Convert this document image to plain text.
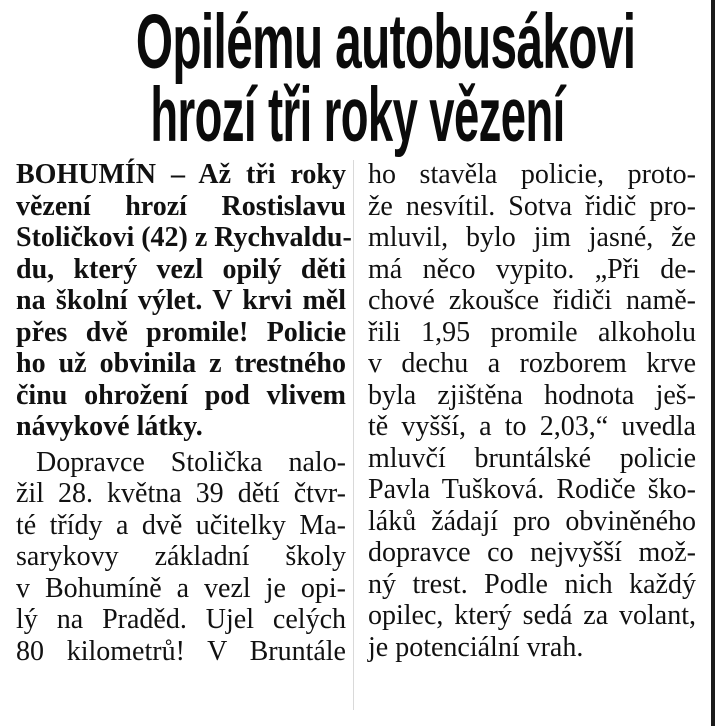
Opilému autobusákovi
hrozí tři roky vězení
BOHUMÍN – Až tři roky
vězení hrozí Rostislavu
Stoličkovi (42) z Rychvaldu-
du, který vezl opilý děti
na školní výlet. V krvi měl
přes dvě promile! Policie
ho už obvinila z trestného
činu ohrožení pod vlivem
návykové látky.
Dopravce Stolička nalo-
žil 28. května 39 dětí čtvr-
té třídy a dvě učitelky Ma-
sarykovy základní školy
v Bohumíně a vezl je opi-
lý na Praděd. Ujel celých
80 kilometrů! V Bruntále
ho stavěla policie, proto-
že nesvítil. Sotva řidič pro-
mluvil, bylo jim jasné, že
má něco vypito. „Při de-
chové zkoušce řidiči namě-
řili 1,95 promile alkoholu
v dechu a rozborem krve
byla zjištěna hodnota ješ-
tě vyšší, a to 2,03,“ uvedla
mluvčí bruntálské policie
Pavla Tušková. Rodiče ško-
láků žádají pro obviněného
dopravce co nejvyšší mož-
ný trest. Podle nich každý
opilec, který sedá za volant,
je potenciální vrah.
